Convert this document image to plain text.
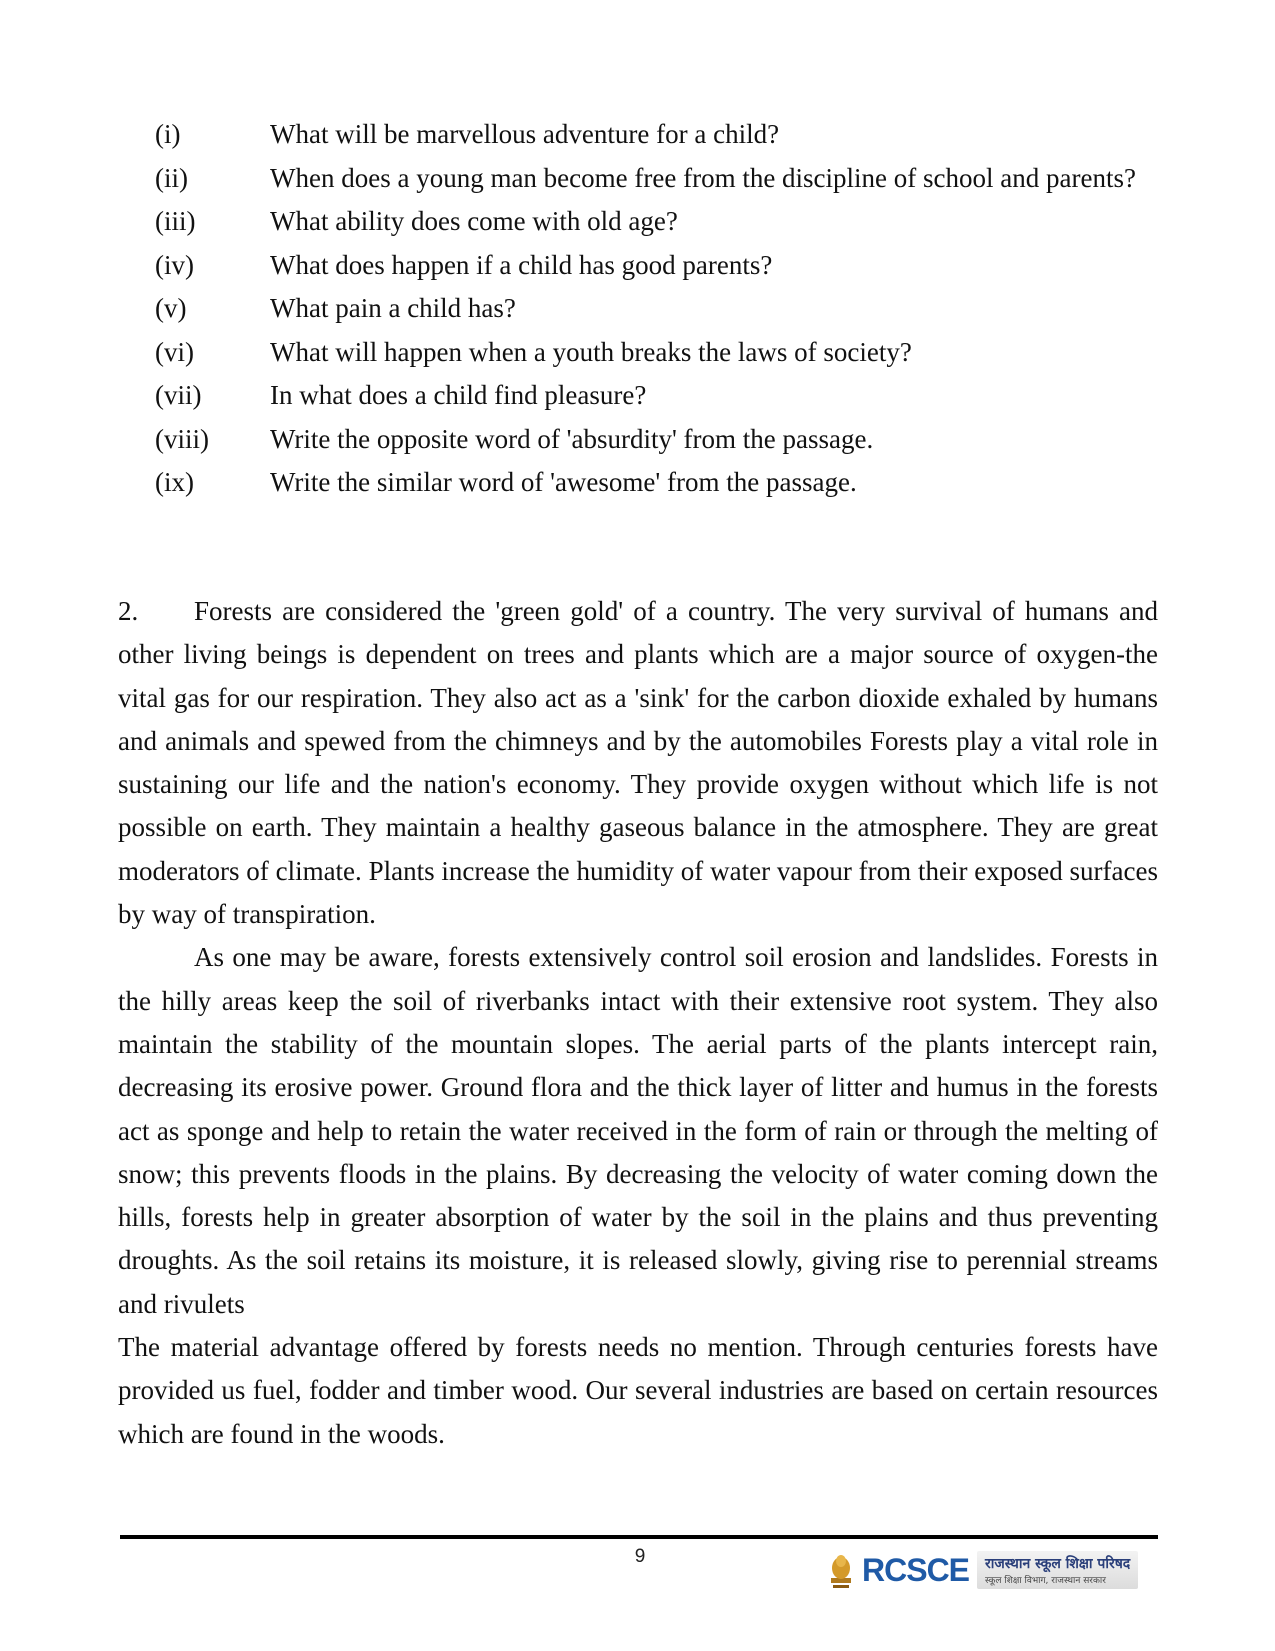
(i)	What will be marvellous adventure for a child?
(ii)	When does a young man become free from the discipline of school and parents?
(iii)	What ability does come with old age?
(iv)	What does happen if a child has good parents?
(v)	What pain a child has?
(vi)	What will happen when a youth breaks the laws of society?
(vii)	In what does a child find pleasure?
(viii)	Write the opposite word of 'absurdity' from the passage.
(ix)	Write the similar word of 'awesome' from the passage.

2. Forests are considered the 'green gold' of a country. The very survival of humans and other living beings is dependent on trees and plants which are a major source of oxygen-the vital gas for our respiration. They also act as a 'sink' for the carbon dioxide exhaled by humans and animals and spewed from the chimneys and by the automobiles Forests play a vital role in sustaining our life and the nation's economy. They provide oxygen without which life is not possible on earth. They maintain a healthy gaseous balance in the atmosphere. They are great moderators of climate. Plants increase the humidity of water vapour from their exposed surfaces by way of transpiration.

As one may be aware, forests extensively control soil erosion and landslides. Forests in the hilly areas keep the soil of riverbanks intact with their extensive root system. They also maintain the stability of the mountain slopes. The aerial parts of the plants intercept rain, decreasing its erosive power. Ground flora and the thick layer of litter and humus in the forests act as sponge and help to retain the water received in the form of rain or through the melting of snow; this prevents floods in the plains. By decreasing the velocity of water coming down the hills, forests help in greater absorption of water by the soil in the plains and thus preventing droughts. As the soil retains its moisture, it is released slowly, giving rise to perennial streams and rivulets

The material advantage offered by forests needs no mention. Through centuries forests have provided us fuel, fodder and timber wood. Our several industries are based on certain resources which are found in the woods.

9	RCSCE राजस्थान स्कूल शिक्षा परिषद
स्कूल शिक्षा विभाग, राजस्थान सरकार
